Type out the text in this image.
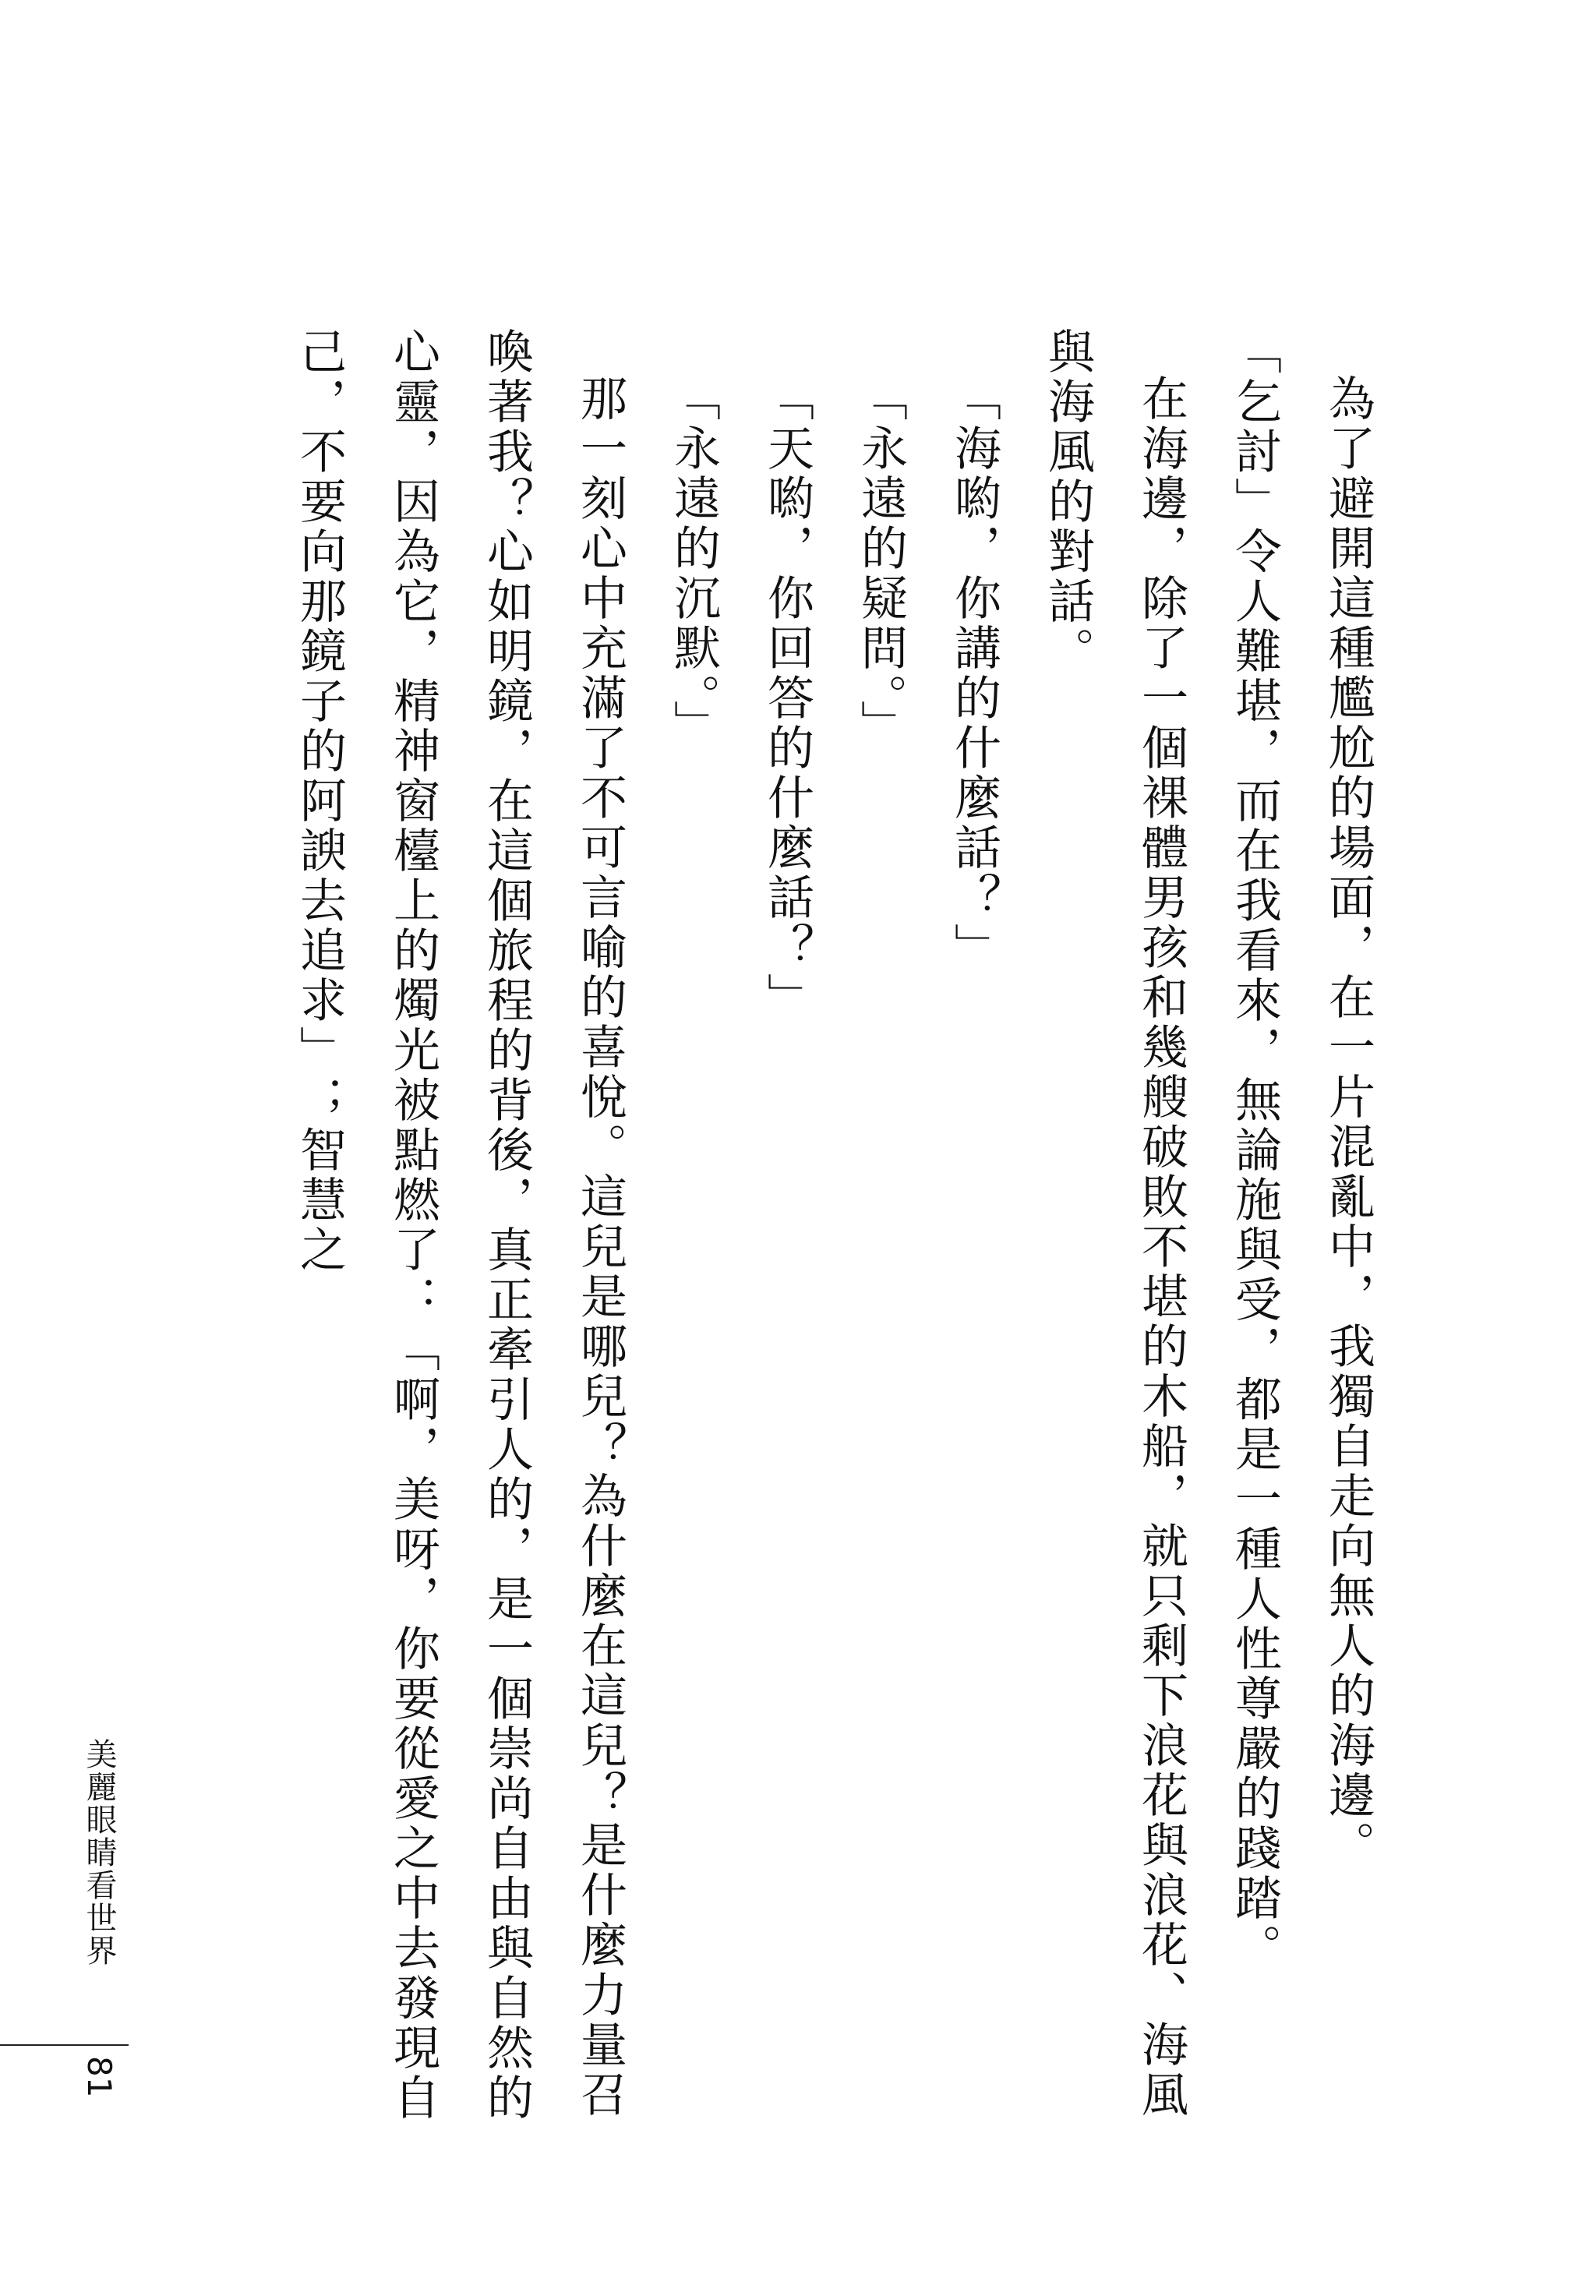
為了避開這種尷尬的場面，在一片混亂中，我獨自走向無人的海邊。

「乞討」令人難堪，而在我看來，無論施與受，都是一種人性尊嚴的踐踏。

在海邊，除了一個裸體男孩和幾艘破敗不堪的木船，就只剩下浪花與浪花、海風與海風的對話。

「海喲，你講的什麼話？」

「永遠的疑問。」

「天喲，你回答的什麼話？」

「永遠的沉默。」

那一刻心中充滿了不可言喻的喜悅。這兒是哪兒？為什麼在這兒？是什麼力量召喚著我？心如明鏡，在這個旅程的背後，真正牽引人的，是一個崇尚自由與自然的心靈，因為它，精神窗檯上的燭光被點燃了：「啊，美呀，你要從愛之中去發現自己，不要向那鏡子的阿諛去追求」；智慧之

美麗眼睛看世界
81
